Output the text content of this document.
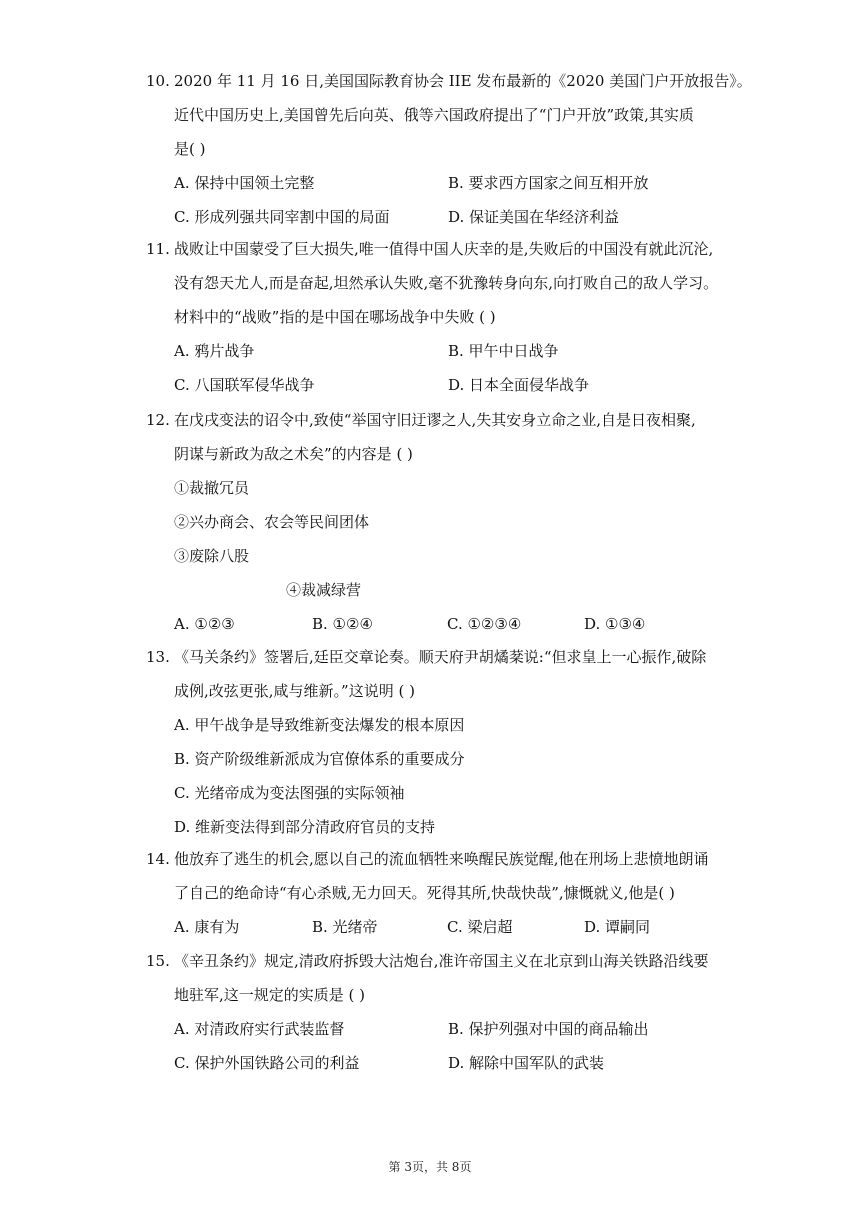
10. 2020 年 11 月 16 日,美国国际教育协会 IIE 发布最新的《2020 美国门户开放报告》。
近代中国历史上,美国曾先后向英、俄等六国政府提出了“门户开放”政策,其实质
是( )
A. 保持中国领土完整	B. 要求西方国家之间互相开放
C. 形成列强共同宰割中国的局面	D. 保证美国在华经济利益
11. 战败让中国蒙受了巨大损失,唯一值得中国人庆幸的是,失败后的中国没有就此沉沦,
没有怨天尤人,而是奋起,坦然承认失败,毫不犹豫转身向东,向打败自己的敌人学习。
材料中的“战败”指的是中国在哪场战争中失败 ( )
A. 鸦片战争	B. 甲午中日战争
C. 八国联军侵华战争	D. 日本全面侵华战争
12. 在戊戌变法的诏令中,致使“举国守旧迂谬之人,失其安身立命之业,自是日夜相聚,
阴谋与新政为敌之术矣”的内容是 ( )
①裁撤冗员
②兴办商会、农会等民间团体
③废除八股
④裁减绿营
A. ①②③	B. ①②④	C. ①②③④	D. ①③④
13. 《马关条约》签署后,廷臣交章论奏。顺天府尹胡燏棻说:“但求皇上一心振作,破除
成例,改弦更张,咸与维新。”这说明 ( )
A. 甲午战争是导致维新变法爆发的根本原因
B. 资产阶级维新派成为官僚体系的重要成分
C. 光绪帝成为变法图强的实际领袖
D. 维新变法得到部分清政府官员的支持
14. 他放弃了逃生的机会,愿以自己的流血牺牲来唤醒民族觉醒,他在刑场上悲愤地朗诵
了自己的绝命诗“有心杀贼,无力回天。死得其所,快哉快哉”,慷慨就义,他是( )
A. 康有为	B. 光绪帝	C. 梁启超	D. 谭嗣同
15. 《辛丑条约》规定,清政府拆毁大沽炮台,准许帝国主义在北京到山海关铁路沿线要
地驻军,这一规定的实质是 ( )
A. 对清政府实行武装监督	B. 保护列强对中国的商品输出
C. 保护外国铁路公司的利益	D. 解除中国军队的武装
第 3页，共 8页
